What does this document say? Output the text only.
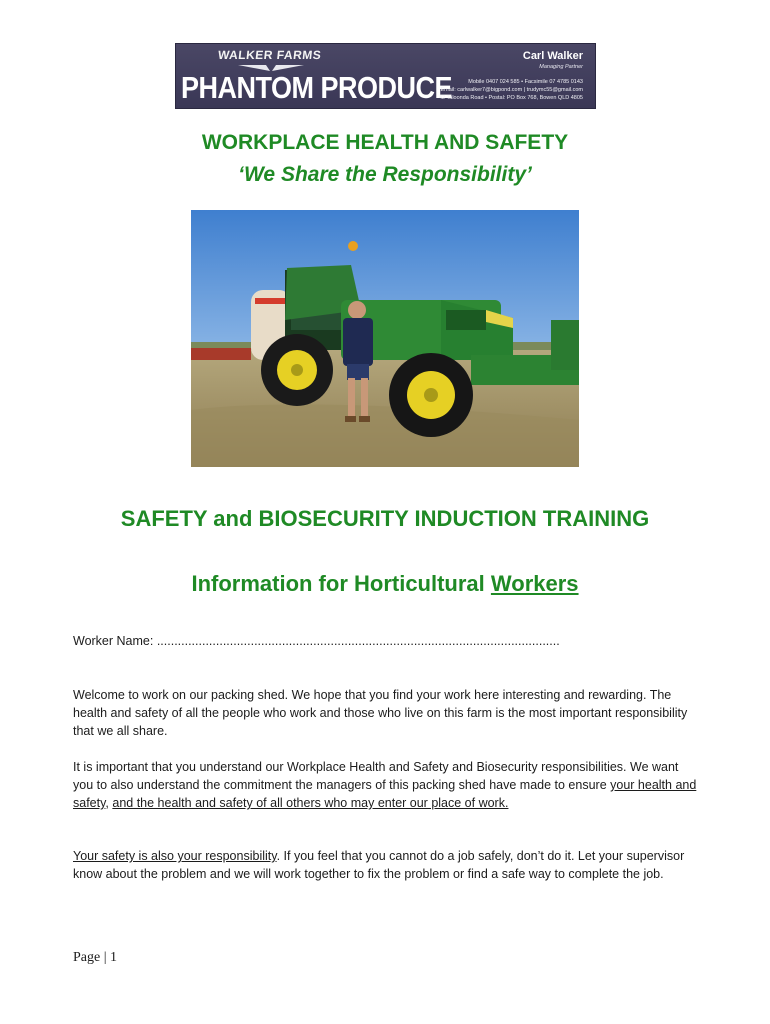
WALKER FARMS
PHANTOM PRODUCE
Carl Walker
Managing Partner
Mobile 0407 024 585 • Facsimile 07 4785 0143
Email: carlwalker7@bigpond.com | trudymc55@gmail.com
42 Taloonda Road • Postal: PO Box 768, Bowen QLD 4805
WORKPLACE HEALTH AND SAFETY
‘We Share the Responsibility’
SAFETY and BIOSECURITY INDUCTION TRAINING
Information for Horticultural Workers
Worker Name: ....................................................................................................................
Welcome to work on our packing shed. We hope that you find your work here interesting and rewarding. The health and safety of all the people who work and those who live on this farm is the most important responsibility that we all share.
It is important that you understand our Workplace Health and Safety and Biosecurity responsibilities. We want you to also understand the commitment the managers of this packing shed have made to ensure your health and safety, and the health and safety of all others who may enter our place of work.
Your safety is also your responsibility. If you feel that you cannot do a job safely, don’t do it. Let your supervisor know about the problem and we will work together to fix the problem or find a safe way to complete the job.
Page | 1
